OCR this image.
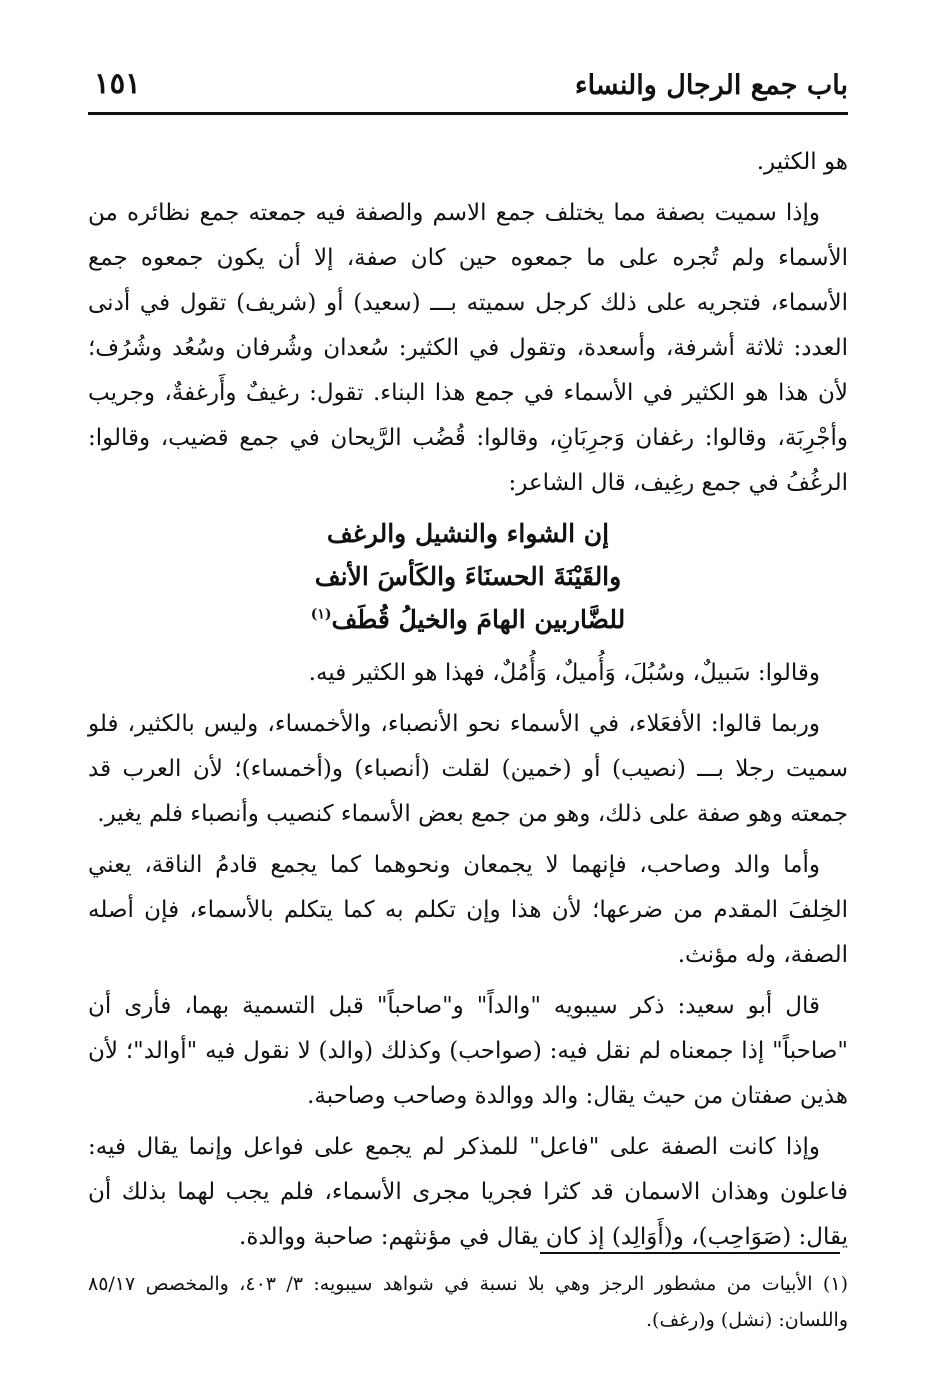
باب جمع الرجال والنساء
١٥١

هو الكثير.

وإذا سميت بصفة مما يختلف جمع الاسم والصفة فيه جمعته جمع نظائره من الأسماء ولم تُجره على ما جمعوه حين كان صفة، إلا أن يكون جمعوه جمع الأسماء، فتجريه على ذلك كرجل سميته بـــ (سعيد) أو (شريف) تقول في أدنى العدد: ثلاثة أشرفة، وأسعدة، وتقول في الكثير: سُعدان وشُرفان وسُعُد وشُرُف؛ لأن هذا هو الكثير في الأسماء في جمع هذا البناء. تقول: رغيفٌ وأَرغفةٌ، وجريب وأجْرِبَة، وقالوا: رغفان وَجرِبَانِ، وقالوا: قُضُب الرَّيحان في جمع قضيب، وقالوا: الرغُفُ في جمع رغِيف، قال الشاعر:

إن الشواء والنشيل والرغف
والقَيْنَةَ الحسنَاءَ والكَأسَ الأنف
للضَّاربين الهامَ والخيلُ قُطَف$^{(١)}$

وقالوا: سَبيلٌ، وسُبُلَ، وَأُميلٌ، وَأُمُلٌ، فهذا هو الكثير فيه.

وربما قالوا: الأفعَلاء، في الأسماء نحو الأنصباء، والأخمساء، وليس بالكثير، فلو سميت رجلا بـــ (نصيب) أو (خمين) لقلت (أنصباء) و(أخمساء)؛ لأن العرب قد جمعته وهو صفة على ذلك، وهو من جمع بعض الأسماء كنصيب وأنصباء فلم يغير.

وأما والد وصاحب، فإنهما لا يجمعان ونحوهما كما يجمع قادمُ الناقة، يعني الخِلفَ المقدم من ضرعها؛ لأن هذا وإن تكلم به كما يتكلم بالأسماء، فإن أصله الصفة، وله مؤنث.

قال أبو سعيد: ذكر سيبويه "والداً" و"صاحباً" قبل التسمية بهما، فأرى أن "صاحباً" إذا جمعناه لم نقل فيه: (صواحب) وكذلك (والد) لا نقول فيه "أوالد"؛ لأن هذين صفتان من حيث يقال: والد ووالدة وصاحب وصاحبة.

وإذا كانت الصفة على "فاعل" للمذكر لم يجمع على فواعل وإنما يقال فيه: فاعلون وهذان الاسمان قد كثرا فجريا مجرى الأسماء، فلم يجب لهما بذلك أن يقال: (صَوَاحِب)، و(أَوَالِد) إذ كان يقال في مؤنثهم: صاحبة ووالدة.

(١) الأبيات من مشطور الرجز وهي بلا نسبة في شواهد سيبويه: ٣/ ٤٠٣، والمخصص ٨٥/١٧ واللسان: (نشل) و(رغف).
